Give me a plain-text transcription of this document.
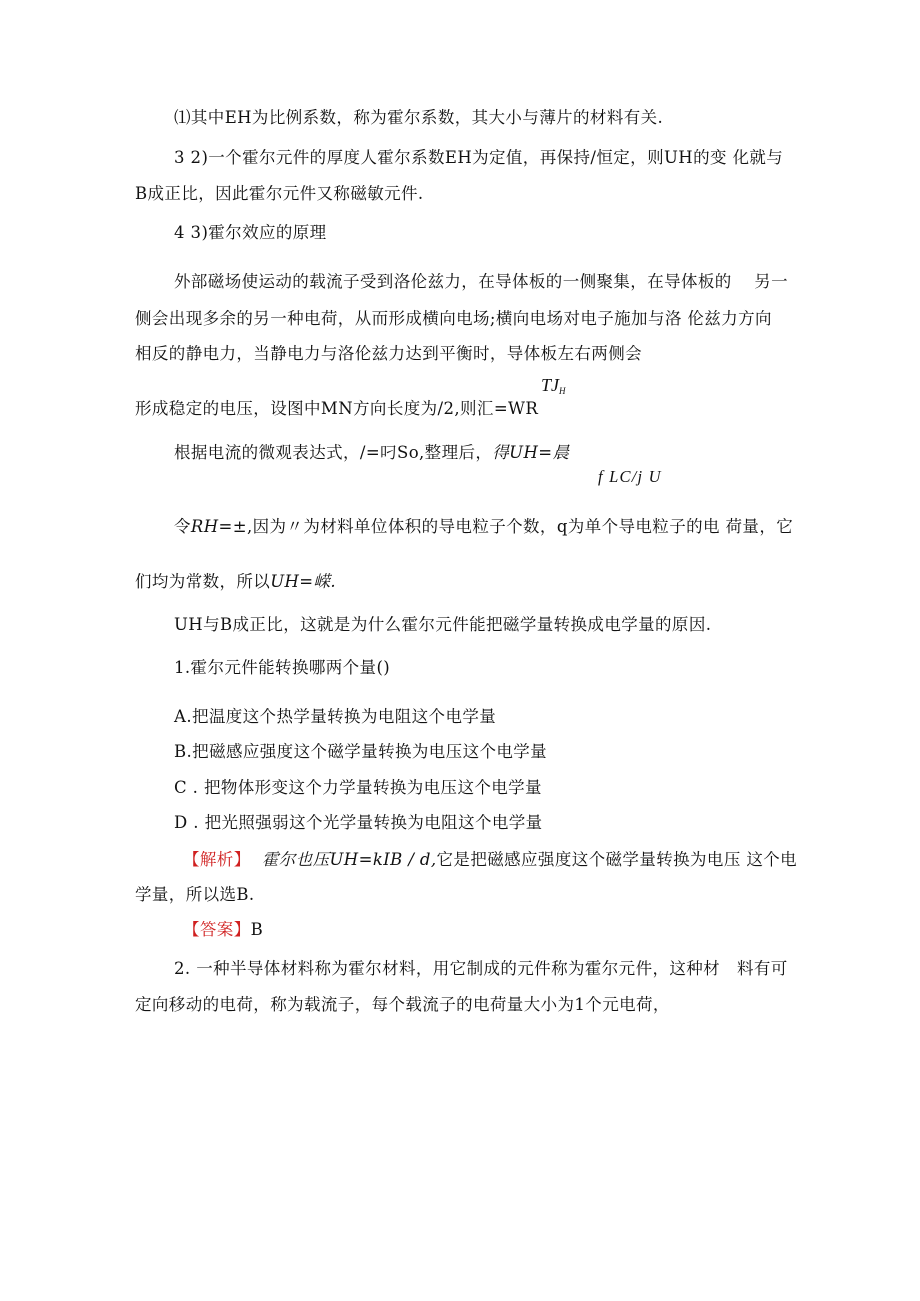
⑴其中EH为比例系数，称为霍尔系数，其大小与薄片的材料有关.
3 2)一个霍尔元件的厚度人霍尔系数EH为定值，再保持/恒定，则UH的变 化就与
B成正比，因此霍尔元件又称磁敏元件.
4 3)霍尔效应的原理
外部磁场使运动的载流子受到洛伦兹力，在导体板的一侧聚集，在导体板的　 另一
侧会出现多余的另一种电荷，从而形成横向电场;横向电场对电子施加与洛 伦兹力方向
相反的静电力，当静电力与洛伦兹力达到平衡时，导体板左右两侧会
TJH
形成稳定的电压，设图中MN方向长度为/2,则汇=WR
根据电流的微观表达式，/=叼So,整理后，得UH=晨
f LC/j U
令RH=±,因为〃为材料单位体积的导电粒子个数，q为单个导电粒子的电 荷量，它
们均为常数，所以UH=嵘.
UH与B成正比，这就是为什么霍尔元件能把磁学量转换成电学量的原因.
1.霍尔元件能转换哪两个量()
A.把温度这个热学量转换为电阻这个电学量
B.把磁感应强度这个磁学量转换为电压这个电学量
C . 把物体形变这个力学量转换为电压这个电学量
D . 把光照强弱这个光学量转换为电阻这个电学量
【解析】 霍尔也压UH=kIB / d,它是把磁感应强度这个磁学量转换为电压 这个电
学量，所以选B.
【答案】B
2. 一种半导体材料称为霍尔材料，用它制成的元件称为霍尔元件，这种材　料有可
定向移动的电荷，称为载流子，每个载流子的电荷量大小为1个元电荷，
